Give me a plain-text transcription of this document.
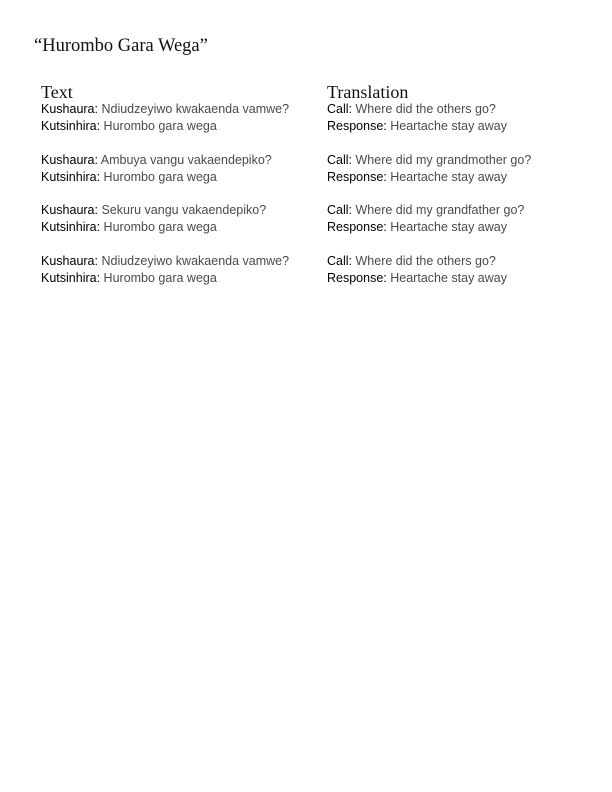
“Hurombo Gara Wega”
Text
Kushaura: Ndiudzeyiwo kwakaenda vamwe?
Kutsinhira: Hurombo gara wega
Kushaura: Ambuya vangu vakaendepiko?
Kutsinhira: Hurombo gara wega
Kushaura: Sekuru vangu vakaendepiko?
Kutsinhira: Hurombo gara wega
Kushaura: Ndiudzeyiwo kwakaenda vamwe?
Kutsinhira: Hurombo gara wega
Translation
Call: Where did the others go?
Response: Heartache stay away
Call: Where did my grandmother go?
Response: Heartache stay away
Call: Where did my grandfather go?
Response: Heartache stay away
Call: Where did the others go?
Response: Heartache stay away
